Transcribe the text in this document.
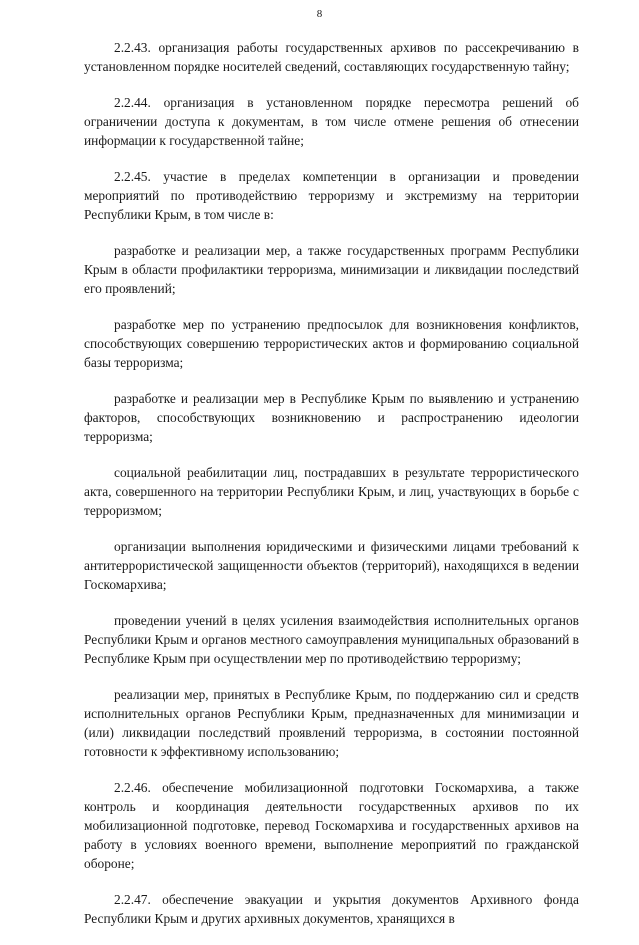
8

2.2.43. организация работы государственных архивов по рассекречиванию в установленном порядке носителей сведений, составляющих государственную тайну;

2.2.44. организация в установленном порядке пересмотра решений об ограничении доступа к документам, в том числе отмене решения об отнесении информации к государственной тайне;

2.2.45. участие в пределах компетенции в организации и проведении мероприятий по противодействию терроризму и экстремизму на территории Республики Крым, в том числе в:

разработке и реализации мер, а также государственных программ Республики Крым в области профилактики терроризма, минимизации и ликвидации последствий его проявлений;

разработке мер по устранению предпосылок для возникновения конфликтов, способствующих совершению террористических актов и формированию социальной базы терроризма;

разработке и реализации мер в Республике Крым по выявлению и устранению факторов, способствующих возникновению и распространению идеологии терроризма;

социальной реабилитации лиц, пострадавших в результате террористического акта, совершенного на территории Республики Крым, и лиц, участвующих в борьбе с терроризмом;

организации выполнения юридическими и физическими лицами требований к антитеррористической защищенности объектов (территорий), находящихся в ведении Госкомархива;

проведении учений в целях усиления взаимодействия исполнительных органов Республики Крым и органов местного самоуправления муниципальных образований в Республике Крым при осуществлении мер по противодействию терроризму;

реализации мер, принятых в Республике Крым, по поддержанию сил и средств исполнительных органов Республики Крым, предназначенных для минимизации и (или) ликвидации последствий проявлений терроризма, в состоянии постоянной готовности к эффективному использованию;

2.2.46. обеспечение мобилизационной подготовки Госкомархива, а также контроль и координация деятельности государственных архивов по их мобилизационной подготовке, перевод Госкомархива и государственных архивов на работу в условиях военного времени, выполнение мероприятий по гражданской обороне;

2.2.47. обеспечение эвакуации и укрытия документов Архивного фонда Республики Крым и других архивных документов, хранящихся в
